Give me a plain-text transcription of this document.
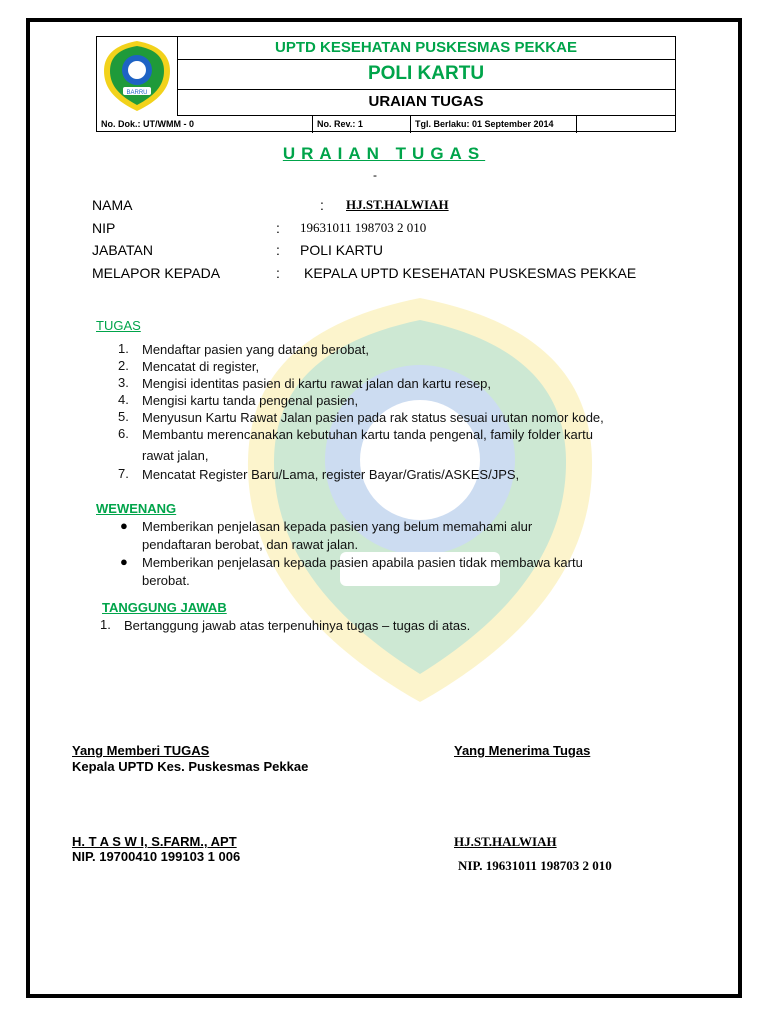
BARRU
UPTD KESEHATAN PUSKESMAS PEKKAE
POLI KARTU
URAIAN TUGAS
No. Dok.: UT/WMM - 0	No. Rev.: 1	Tgl. Berlaku: 01 September 2014
URAIAN TUGAS
-
NAMA	: HJ.ST.HALWIAH
NIP	: 19631011 198703 2 010
JABATAN	: POLI KARTU
MELAPOR KEPADA	: KEPALA UPTD KESEHATAN PUSKESMAS PEKKAE
TUGAS
1. Mendaftar pasien yang datang berobat,
2. Mencatat di register,
3. Mengisi identitas pasien di kartu rawat jalan dan kartu resep,
4. Mengisi kartu tanda pengenal pasien,
5. Menyusun Kartu Rawat Jalan pasien pada rak status sesuai urutan nomor kode,
6. Membantu merencanakan kebutuhan kartu tanda pengenal, family folder kartu
rawat jalan,
7. Mencatat Register Baru/Lama, register Bayar/Gratis/ASKES/JPS,
WEWENANG
● Memberikan penjelasan kepada pasien yang belum memahami alur
pendaftaran berobat, dan rawat jalan.
● Memberikan penjelasan kepada pasien apabila pasien tidak membawa kartu
berobat.
TANGGUNG JAWAB
1. Bertanggung jawab atas terpenuhinya tugas – tugas di atas.
Yang Memberi TUGAS
Kepala UPTD Kes. Puskesmas Pekkae
Yang Menerima Tugas
H. T A S W I, S.FARM., APT
NIP. 19700410 199103 1 006
HJ.ST.HALWIAH
NIP. 19631011 198703 2 010
